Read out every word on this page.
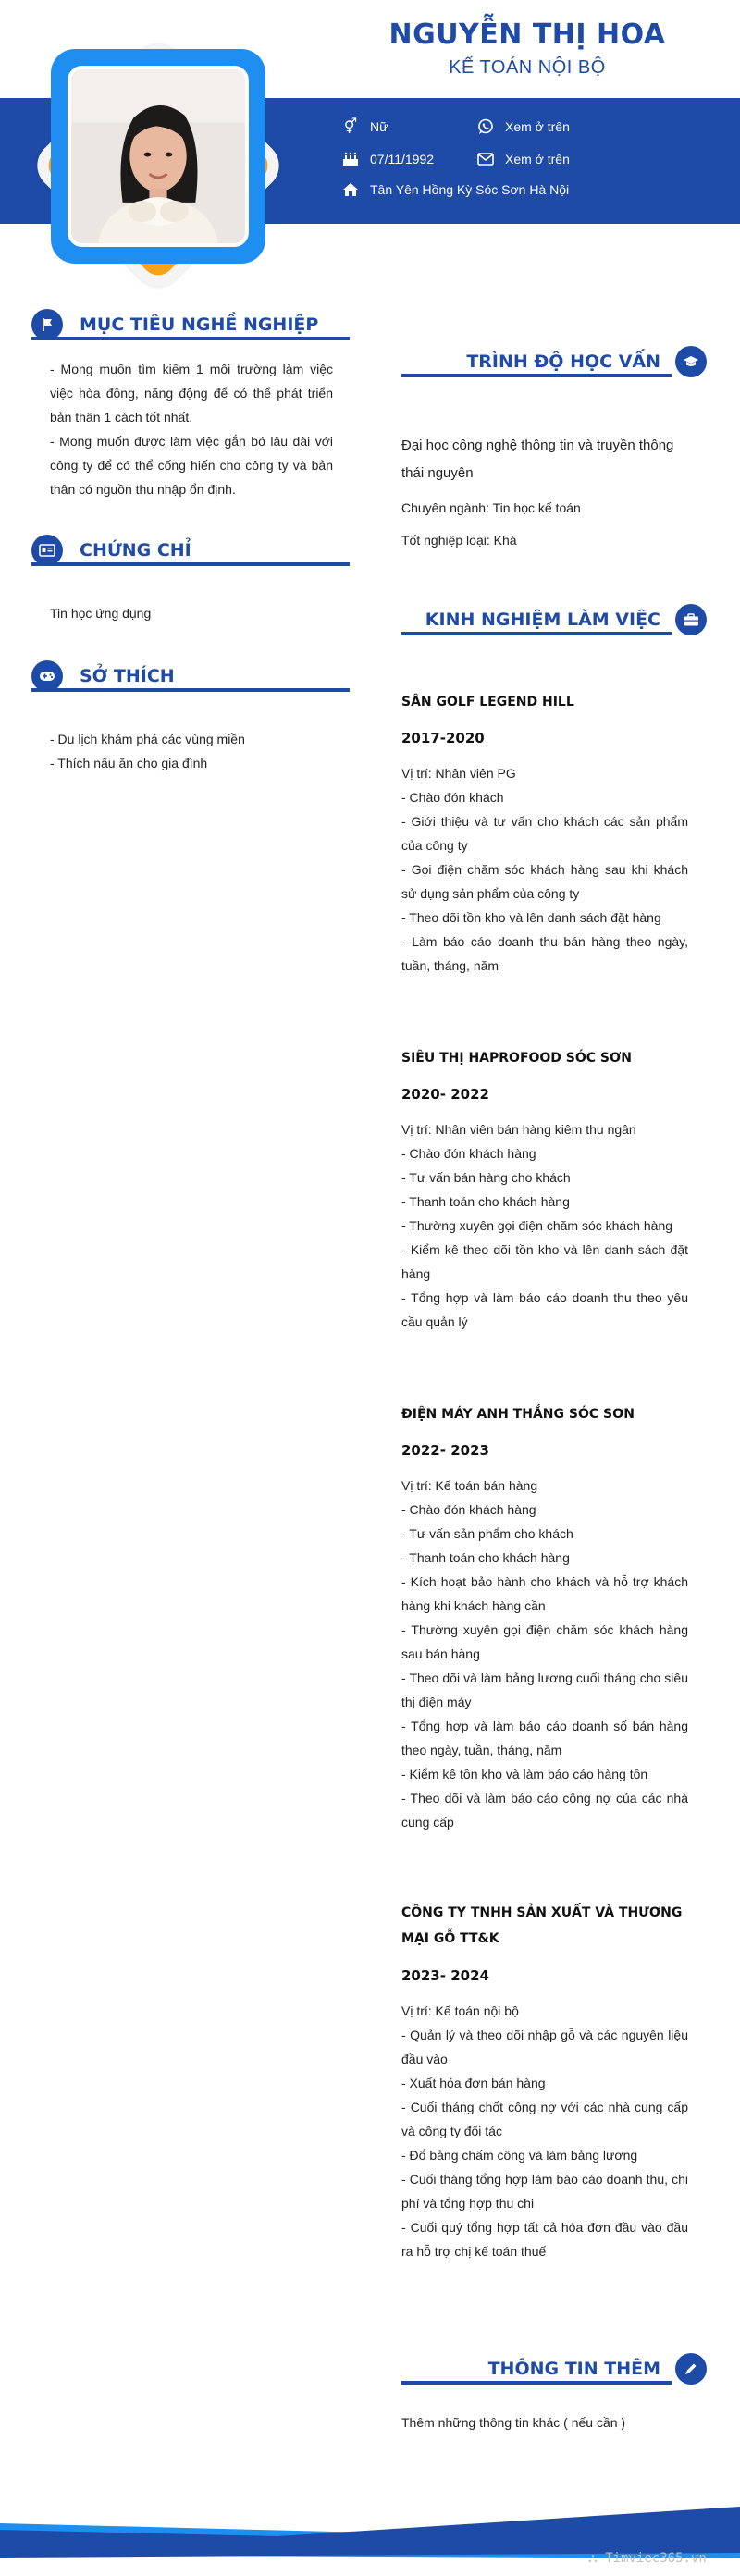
NGUYỄN THỊ HOA
KẾ TOÁN NỘI BỘ
⚥ Nữ
07/11/1992
Tân Yên Hồng Kỳ Sóc Sơn Hà Nội
Xem ở trên
Xem ở trên
MỤC TIÊU NGHỀ NGHIỆP
- Mong muốn tìm kiếm 1 môi trường làm việc việc hòa đồng, năng động để có thể phát triển bản thân 1 cách tốt nhất.
- Mong muốn được làm việc gắn bó lâu dài với công ty để có thể cống hiến cho công ty và bản thân có nguồn thu nhập ổn định.
CHỨNG CHỈ
Tin học ứng dụng
SỞ THÍCH
- Du lịch khám phá các vùng miền
- Thích nấu ăn cho gia đình
TRÌNH ĐỘ HỌC VẤN
Đại học công nghệ thông tin và truyền thông thái nguyên
Chuyên ngành: Tin học kế toán
Tốt nghiệp loại: Khá
KINH NGHIỆM LÀM VIỆC
SÂN GOLF LEGEND HILL
2017-2020
Vị trí: Nhân viên PG
- Chào đón khách
- Giới thiệu và tư vấn cho khách các sản phẩm của công ty
- Gọi điện chăm sóc khách hàng sau khi khách sử dụng sản phẩm của công ty
- Theo dõi tồn kho và lên danh sách đặt hàng
- Làm báo cáo doanh thu bán hàng theo ngày, tuần, tháng, năm
SIÊU THỊ HAPROFOOD SÓC SƠN
2020- 2022
Vị trí: Nhân viên bán hàng kiêm thu ngân
- Chào đón khách hàng
- Tư vấn bán hàng cho khách
- Thanh toán cho khách hàng
- Thường xuyên gọi điện chăm sóc khách hàng
- Kiểm kê theo dõi tồn kho và lên danh sách đặt hàng
- Tổng hợp và làm báo cáo doanh thu theo yêu cầu quản lý
ĐIỆN MÁY ANH THẮNG SÓC SƠN
2022- 2023
Vị trí: Kế toán bán hàng
- Chào đón khách hàng
- Tư vấn sản phẩm cho khách
- Thanh toán cho khách hàng
- Kích hoạt bảo hành cho khách và hỗ trợ khách hàng khi khách hàng cần
- Thường xuyên gọi điện chăm sóc khách hàng sau bán hàng
- Theo dõi và làm bảng lương cuối tháng cho siêu thị điện máy
- Tổng hợp và làm báo cáo doanh số bán hàng theo ngày, tuần, tháng, năm
- Kiểm kê tồn kho và làm báo cáo hàng tồn
- Theo dõi và làm báo cáo công nợ của các nhà cung cấp
CÔNG TY TNHH SẢN XUẤT VÀ THƯƠNG MẠI GỖ TT&K
2023- 2024
Vị trí: Kế toán nội bộ
- Quản lý và theo dõi nhập gỗ và các nguyên liệu đầu vào
- Xuất hóa đơn bán hàng
- Cuối tháng chốt công nợ với các nhà cung cấp và công ty đối tác
- Đổ bảng chấm công và làm bảng lương
- Cuối tháng tổng hợp làm báo cáo doanh thu, chi phí và tổng hợp thu chi
- Cuối quý tổng hợp tất cả hóa đơn đầu vào đầu ra hỗ trợ chị kế toán thuế
THÔNG TIN THÊM
Thêm những thông tin khác ( nếu cần )
⛬ Timviec365.vn
